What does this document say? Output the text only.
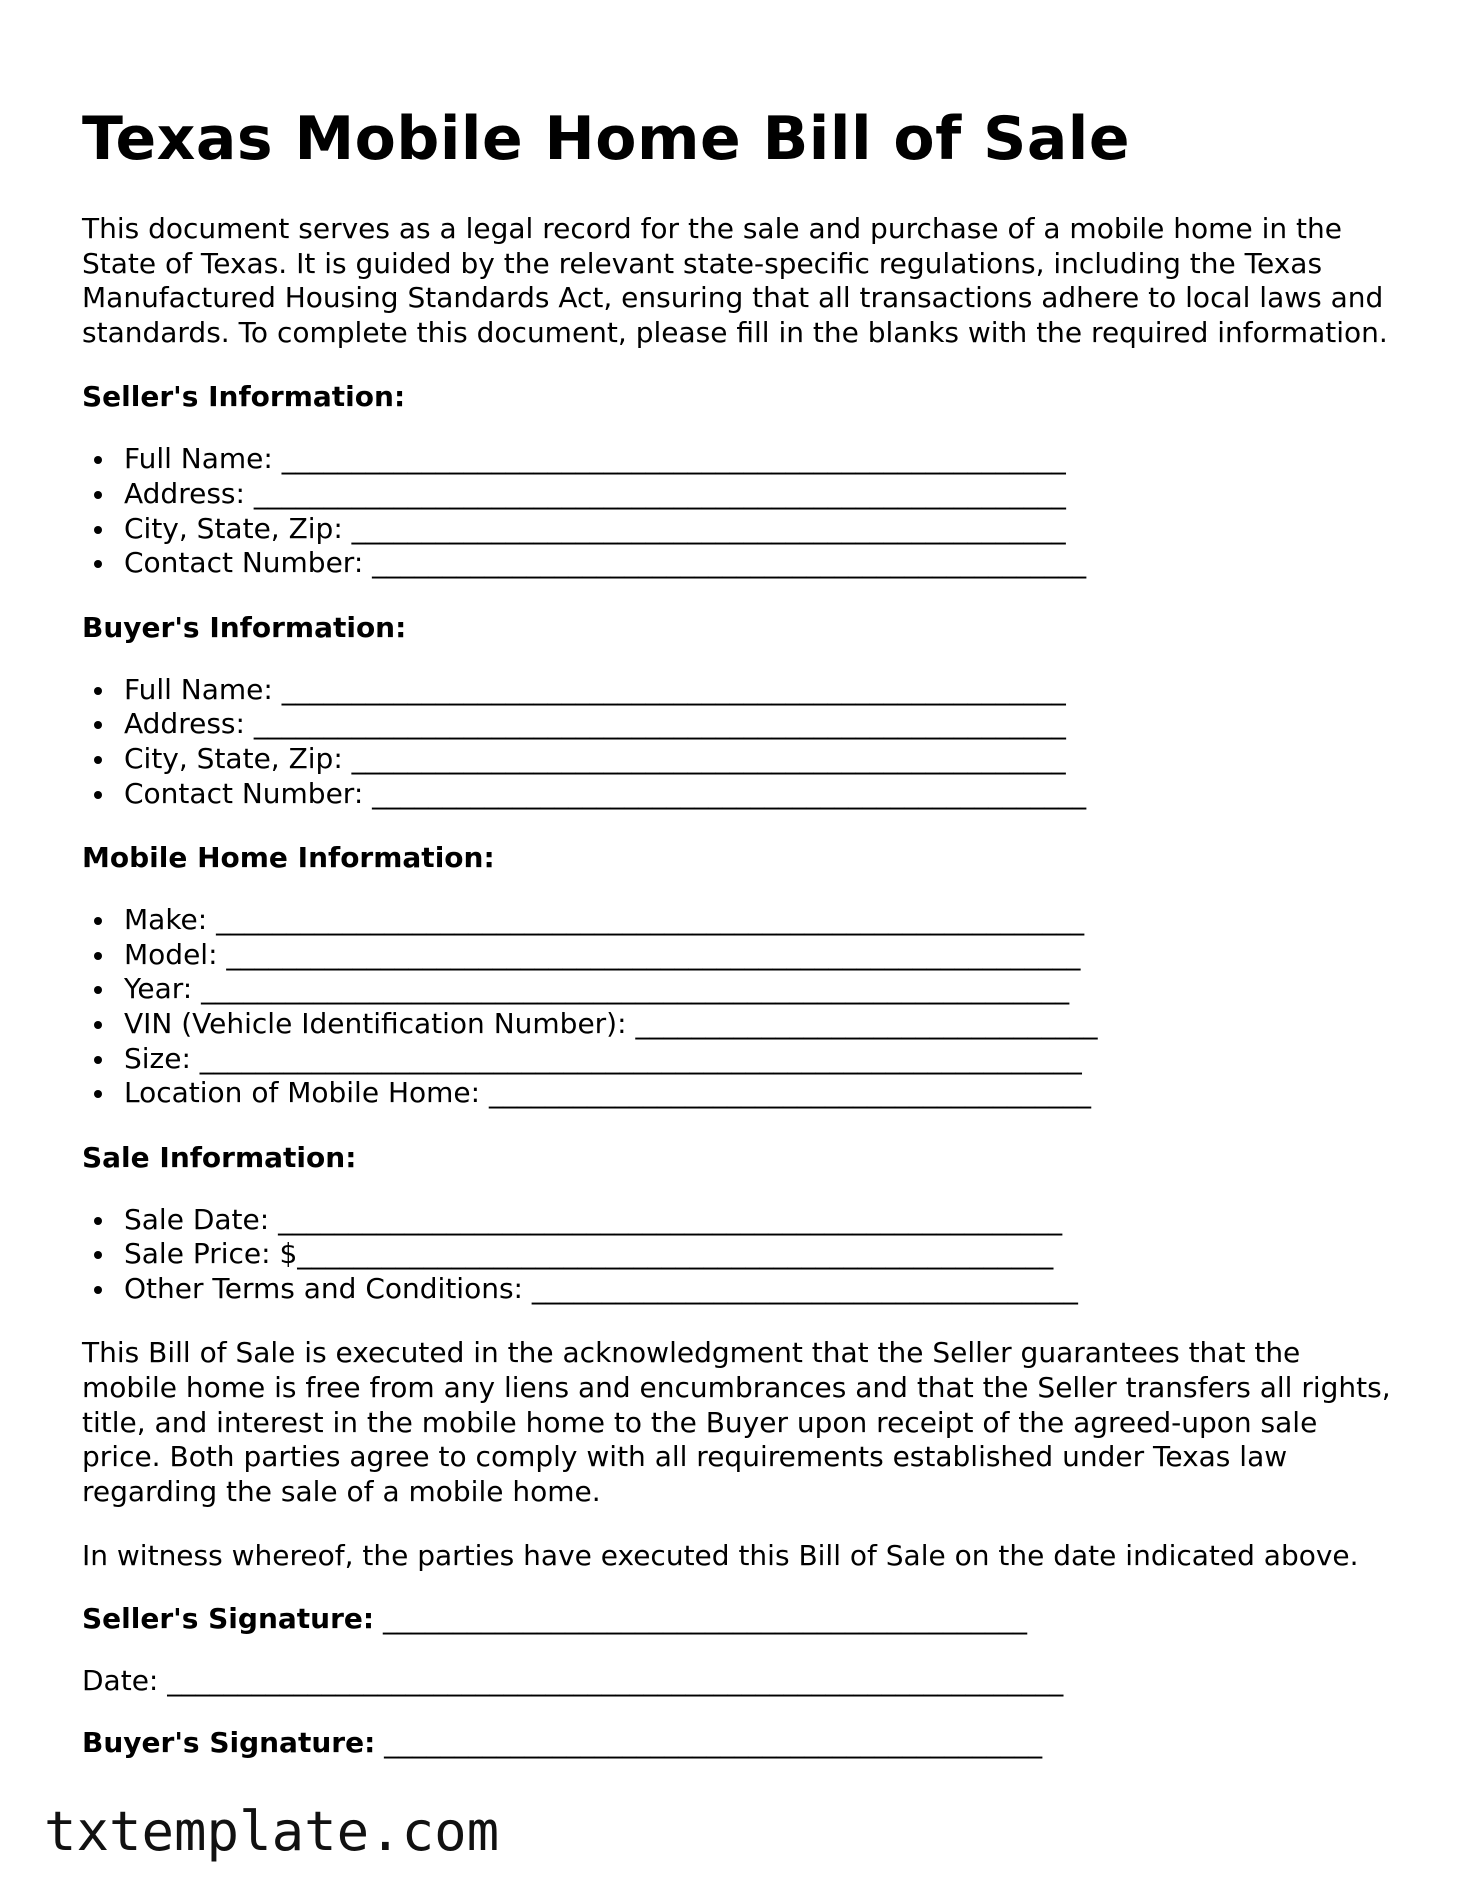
Texas Mobile Home Bill of Sale

This document serves as a legal record for the sale and purchase of a mobile home in the State of Texas. It is guided by the relevant state-specific regulations, including the Texas Manufactured Housing Standards Act, ensuring that all transactions adhere to local laws and standards. To complete this document, please fill in the blanks with the required information.

Seller's Information:
Full Name: ________________________________________________________
Address: __________________________________________________________
City, State, Zip: ___________________________________________________
Contact Number: ___________________________________________________
Buyer's Information:
Full Name: ________________________________________________________
Address: __________________________________________________________
City, State, Zip: ___________________________________________________
Contact Number: ___________________________________________________
Mobile Home Information:
Make: ______________________________________________________________
Model: _____________________________________________________________
Year: ______________________________________________________________
VIN (Vehicle Identification Number): _________________________________
Size: _______________________________________________________________
Location of Mobile Home: ___________________________________________
Sale Information:
Sale Date: ________________________________________________________
Sale Price: $______________________________________________________
Other Terms and Conditions: _______________________________________

This Bill of Sale is executed in the acknowledgment that the Seller guarantees that the mobile home is free from any liens and encumbrances and that the Seller transfers all rights, title, and interest in the mobile home to the Buyer upon receipt of the agreed-upon sale price. Both parties agree to comply with all requirements established under Texas law regarding the sale of a mobile home.

In witness whereof, the parties have executed this Bill of Sale on the date indicated above.

Seller's Signature: ______________________________________________
Date: ________________________________________________________________
Buyer's Signature: _______________________________________________
txtemplate.com
